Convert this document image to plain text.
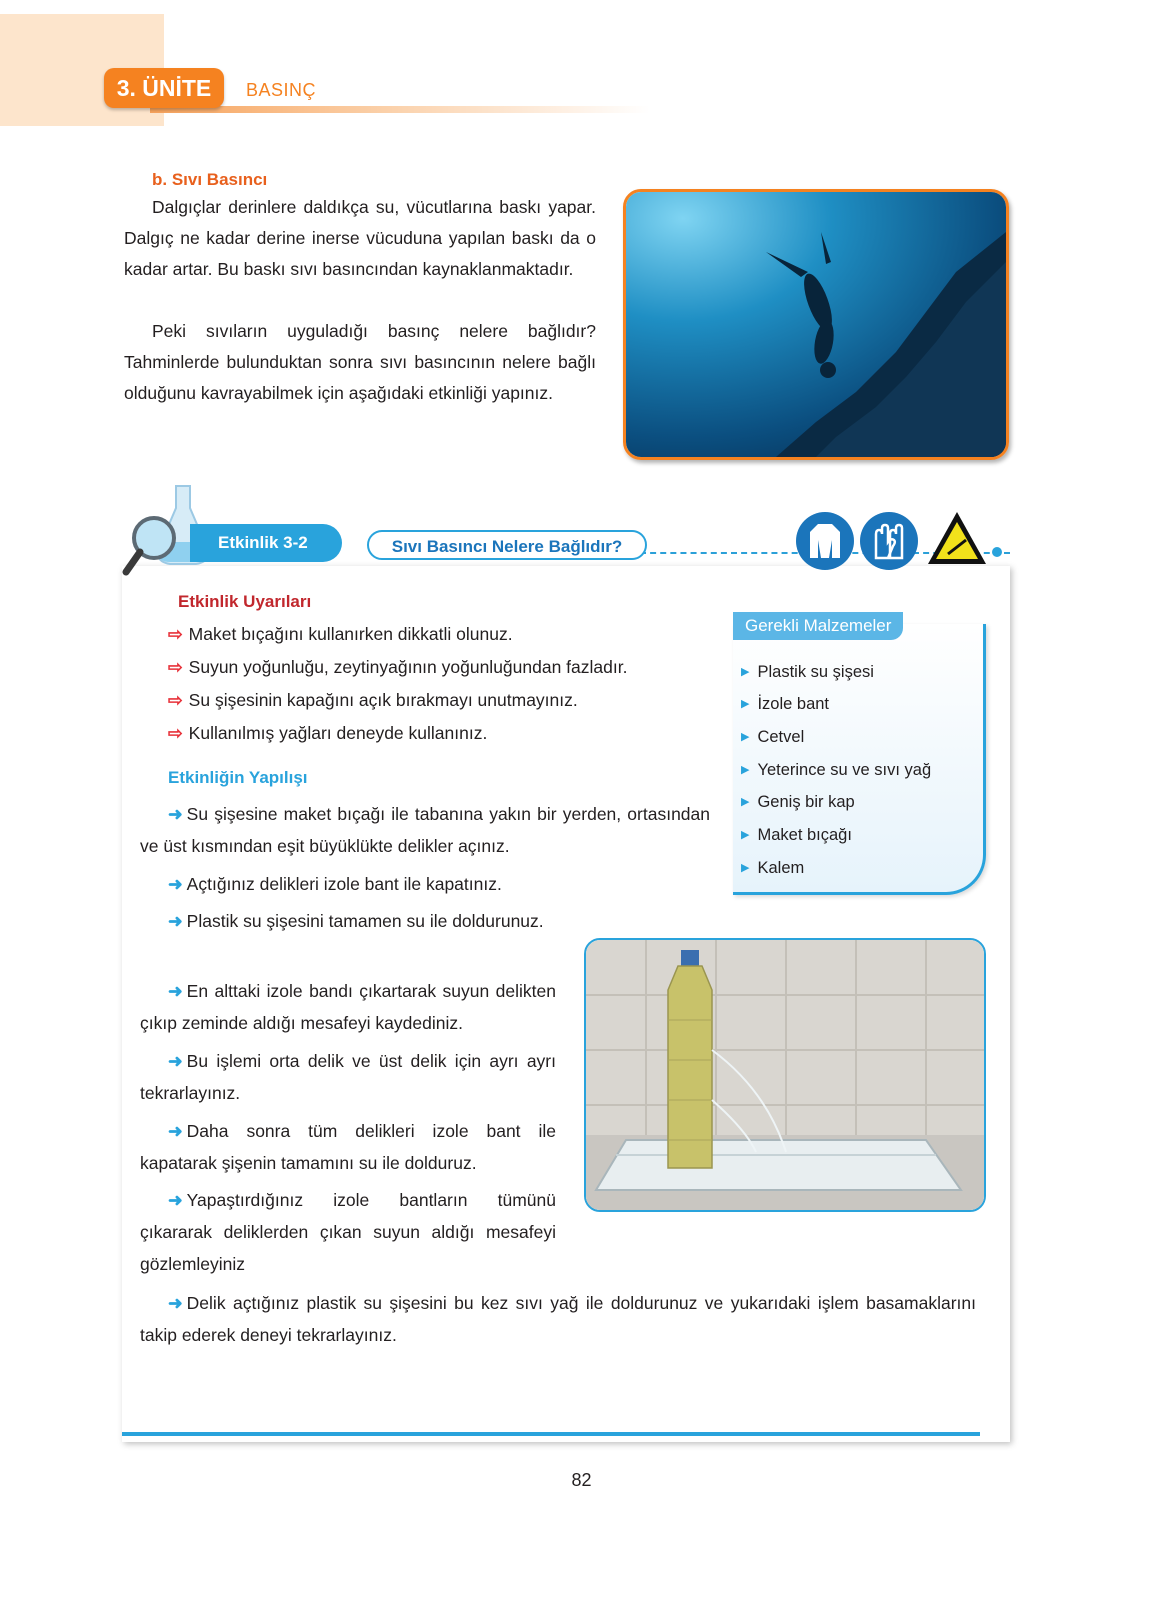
3. ÜNİTE	BASINÇ
b. Sıvı Basıncı
Dalgıçlar derinlere daldıkça su, vücutlarına baskı yapar. Dalgıç ne kadar derine inerse vücuduna yapılan baskı da o kadar artar. Bu baskı sıvı basıncından kaynaklanmaktadır.
Peki sıvıların uyguladığı basınç nelere bağlıdır? Tahminlerde bulunduktan sonra sıvı basıncının nelere bağlı olduğunu kavrayabilmek için aşağıdaki etkinliği yapınız.
Etkinlik 3-2	Sıvı Basıncı Nelere Bağlıdır?
Etkinlik Uyarıları
⇨ Maket bıçağını kullanırken dikkatli olunuz.
⇨ Suyun yoğunluğu, zeytinyağının yoğunluğundan fazladır.
⇨ Su şişesinin kapağını açık bırakmayı unutmayınız.
⇨ Kullanılmış yağları deneyde kullanınız.
Gerekli Malzemeler
▶ Plastik su şişesi
▶ İzole bant
▶ Cetvel
▶ Yeterince su ve sıvı yağ
▶ Geniş bir kap
▶ Maket bıçağı
▶ Kalem
Etkinliğin Yapılışı
➜ Su şişesine maket bıçağı ile tabanına yakın bir yerden, ortasından ve üst kısmından eşit büyüklükte delikler açınız.
➜ Açtığınız delikleri izole bant ile kapatınız.
➜ Plastik su şişesini tamamen su ile doldurunuz.
➜ En alttaki izole bandı çıkartarak suyun delikten çıkıp zeminde aldığı mesafeyi kaydediniz.
➜ Bu işlemi orta delik ve üst delik için ayrı ayrı tekrarlayınız.
➜ Daha sonra tüm delikleri izole bant ile kapatarak şişenin tamamını su ile dolduruz.
➜ Yapaştırdığınız izole bantların tümünü çıkararak deliklerden çıkan suyun aldığı mesafeyi gözlemleyiniz
➜ Delik açtığınız plastik su şişesini bu kez sıvı yağ ile doldurunuz ve yukarıdaki işlem basamaklarını takip ederek deneyi tekrarlayınız.
82
